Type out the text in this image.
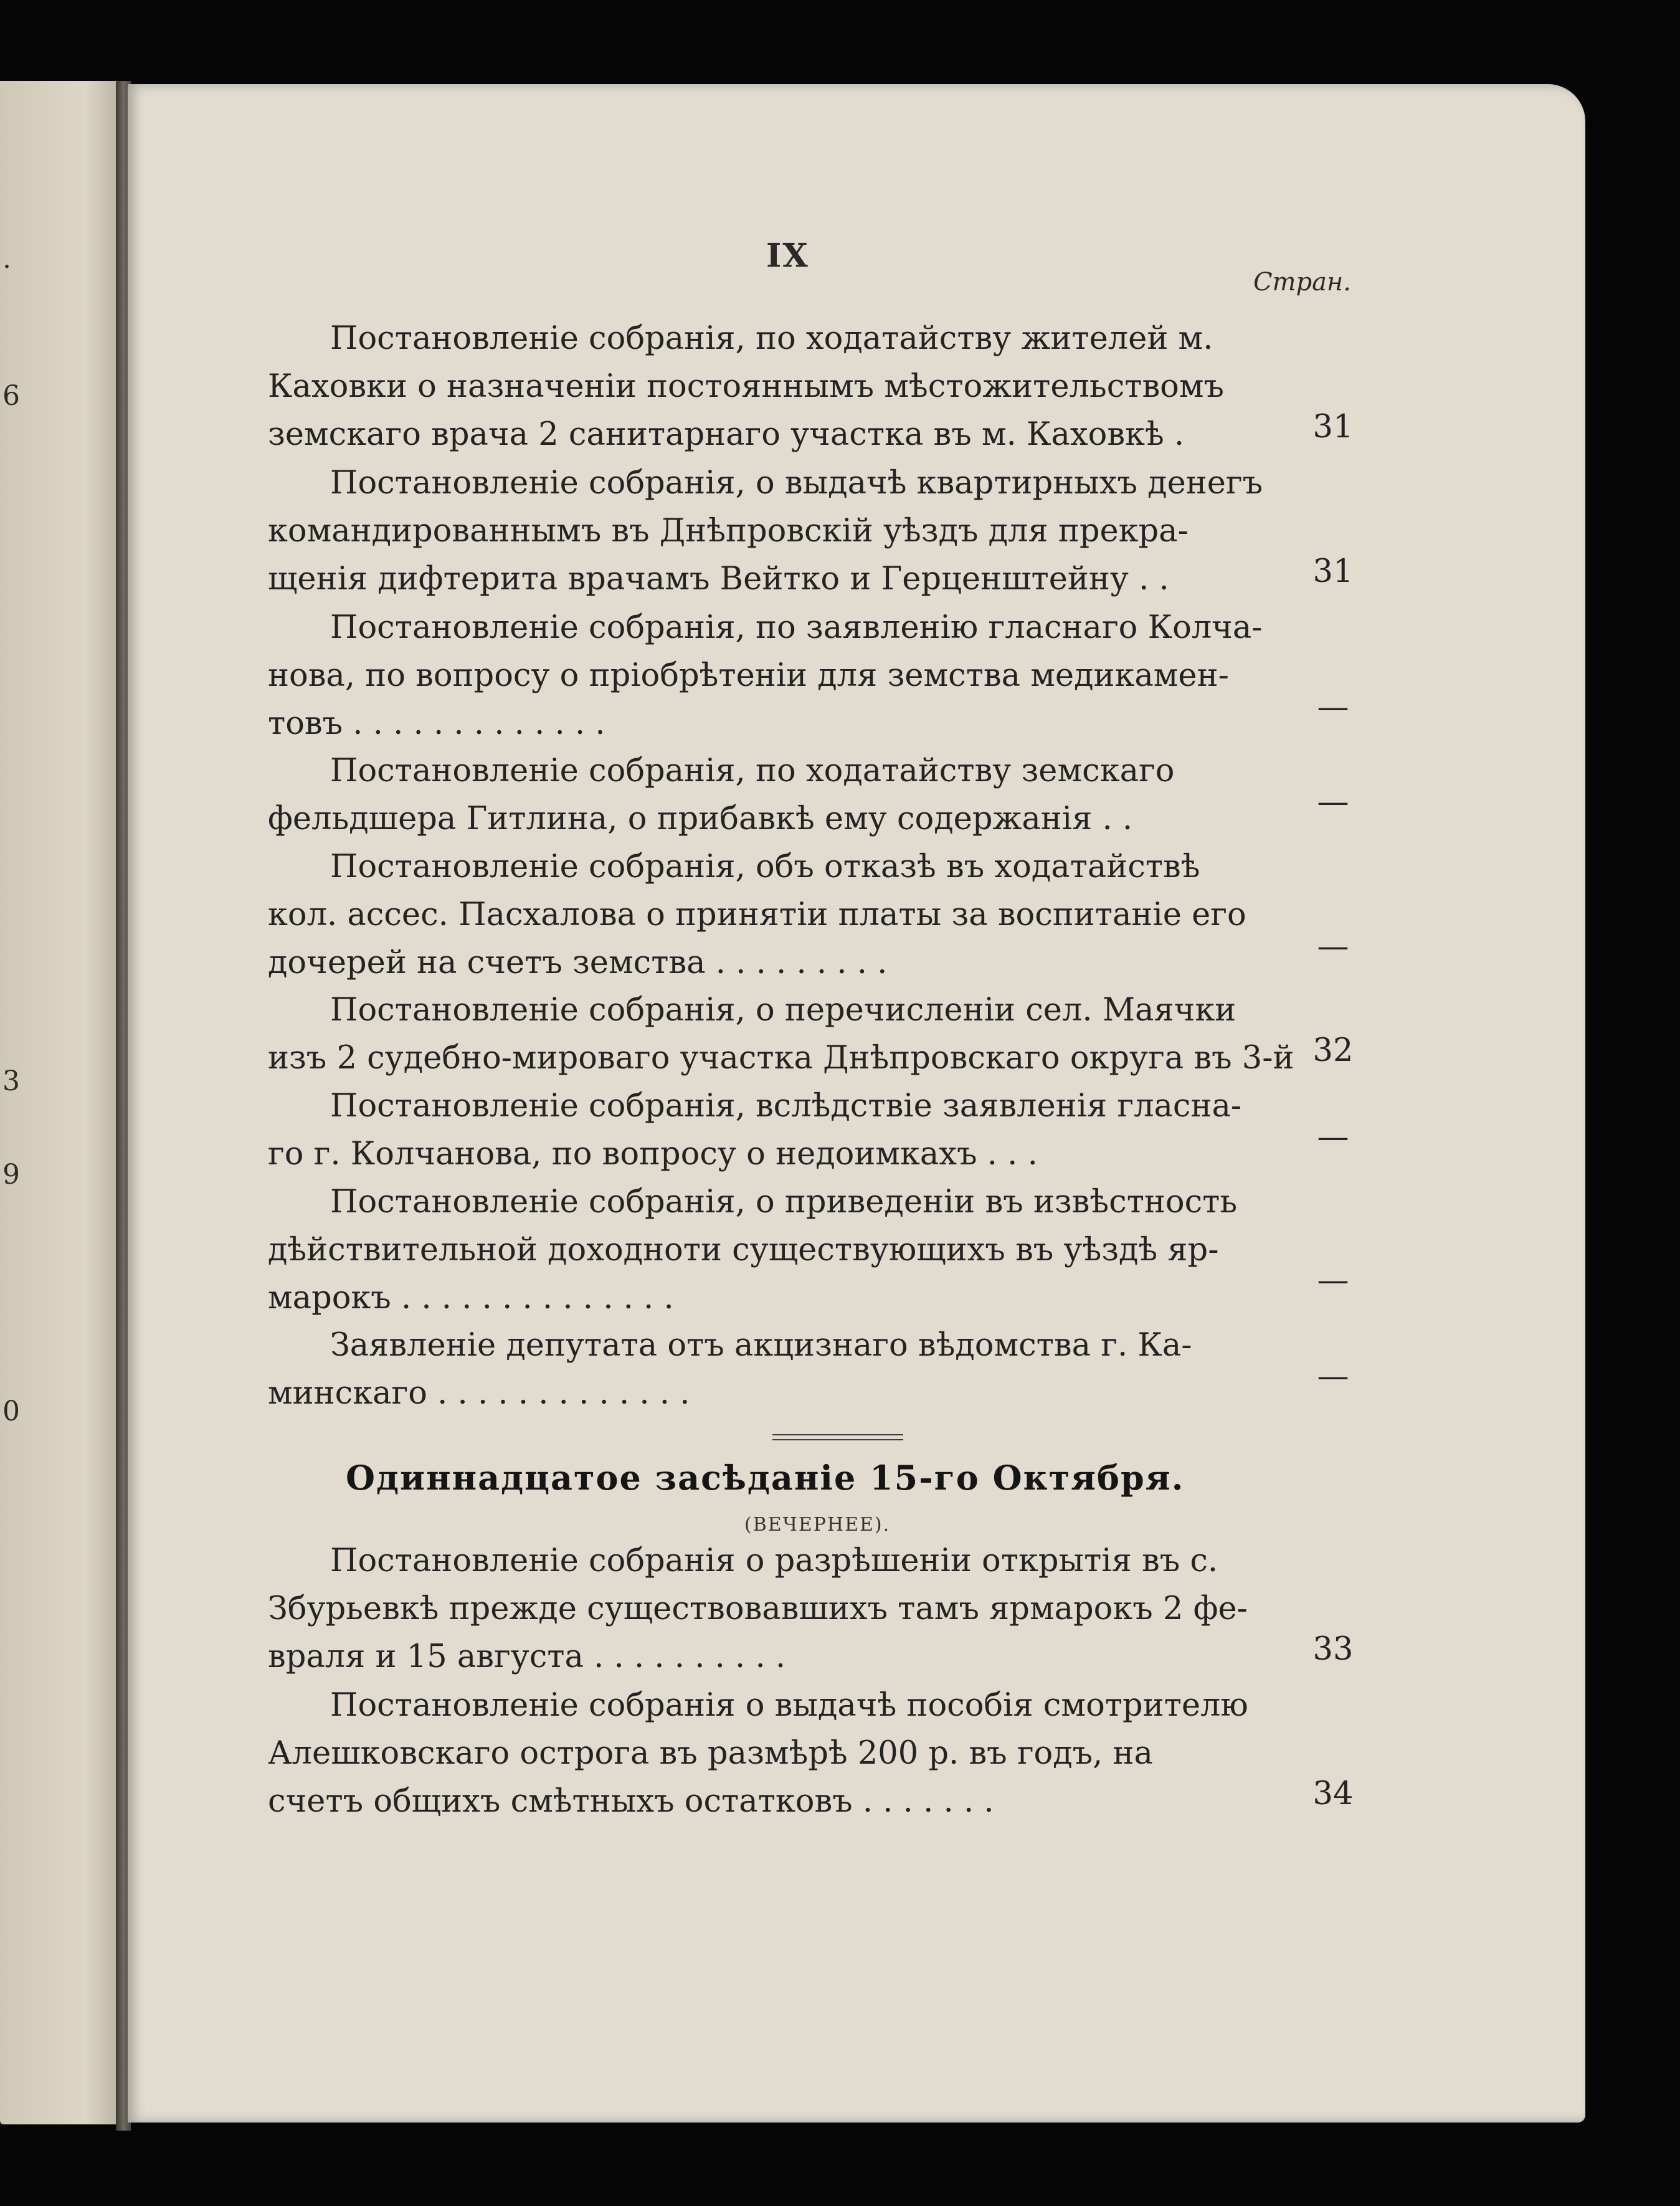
.
6
3
9
0
IX
Стран.
Постановленіе собранія, по ходатайству жителей м.
Каховки о назначеніи постояннымъ мѣстожительствомъ
земскаго врача 2 санитарнаго участка въ м. Каховкѣ .	31
Постановленіе собранія, о выдачѣ квартирныхъ денегъ
командированнымъ въ Днѣпровскій уѣздъ для прекра-
щенія дифтерита врачамъ Вейтко и Герценштейну . .	31
Постановленіе собранія, по заявленію гласнаго Колча-
нова, по вопросу о пріобрѣтеніи для земства медикамен-
товъ . . . . . . . . . . . . .	—
Постановленіе собранія, по ходатайству земскаго
фельдшера Гитлина, о прибавкѣ ему содержанія . .	—
Постановленіе собранія, объ отказѣ въ ходатайствѣ
кол. ассес. Пасхалова о принятіи платы за воспитаніе его
дочерей на счетъ земства . . . . . . . . .	—
Постановленіе собранія, о перечисленіи сел. Маячки
изъ 2 судебно-мироваго участка Днѣпровскаго округа въ 3-й 32
Постановленіе собранія, вслѣдствіе заявленія гласна-
го г. Колчанова, по вопросу о недоимкахъ . . .	—
Постановленіе собранія, о приведеніи въ извѣстность
дѣйствительной доходноти существующихъ въ уѣздѣ яр-
марокъ . . . . . . . . . . . . . .	—
Заявленіе депутата отъ акцизнаго вѣдомства г. Ка-
минскаго . . . . . . . . . . . . .	—
Одиннадцатое засѣданіе 15-го Октября.
(ВЕЧЕРНЕЕ).
Постановленіе собранія о разрѣшеніи открытія въ с.
Збурьевкѣ прежде существовавшихъ тамъ ярмарокъ 2 фе-
враля и 15 августа . . . . . . . . . .	33
Постановленіе собранія о выдачѣ пособія смотрителю
Алешковскаго острога въ размѣрѣ 200 р. въ годъ, на
счетъ общихъ смѣтныхъ остатковъ . . . . . . .	34
